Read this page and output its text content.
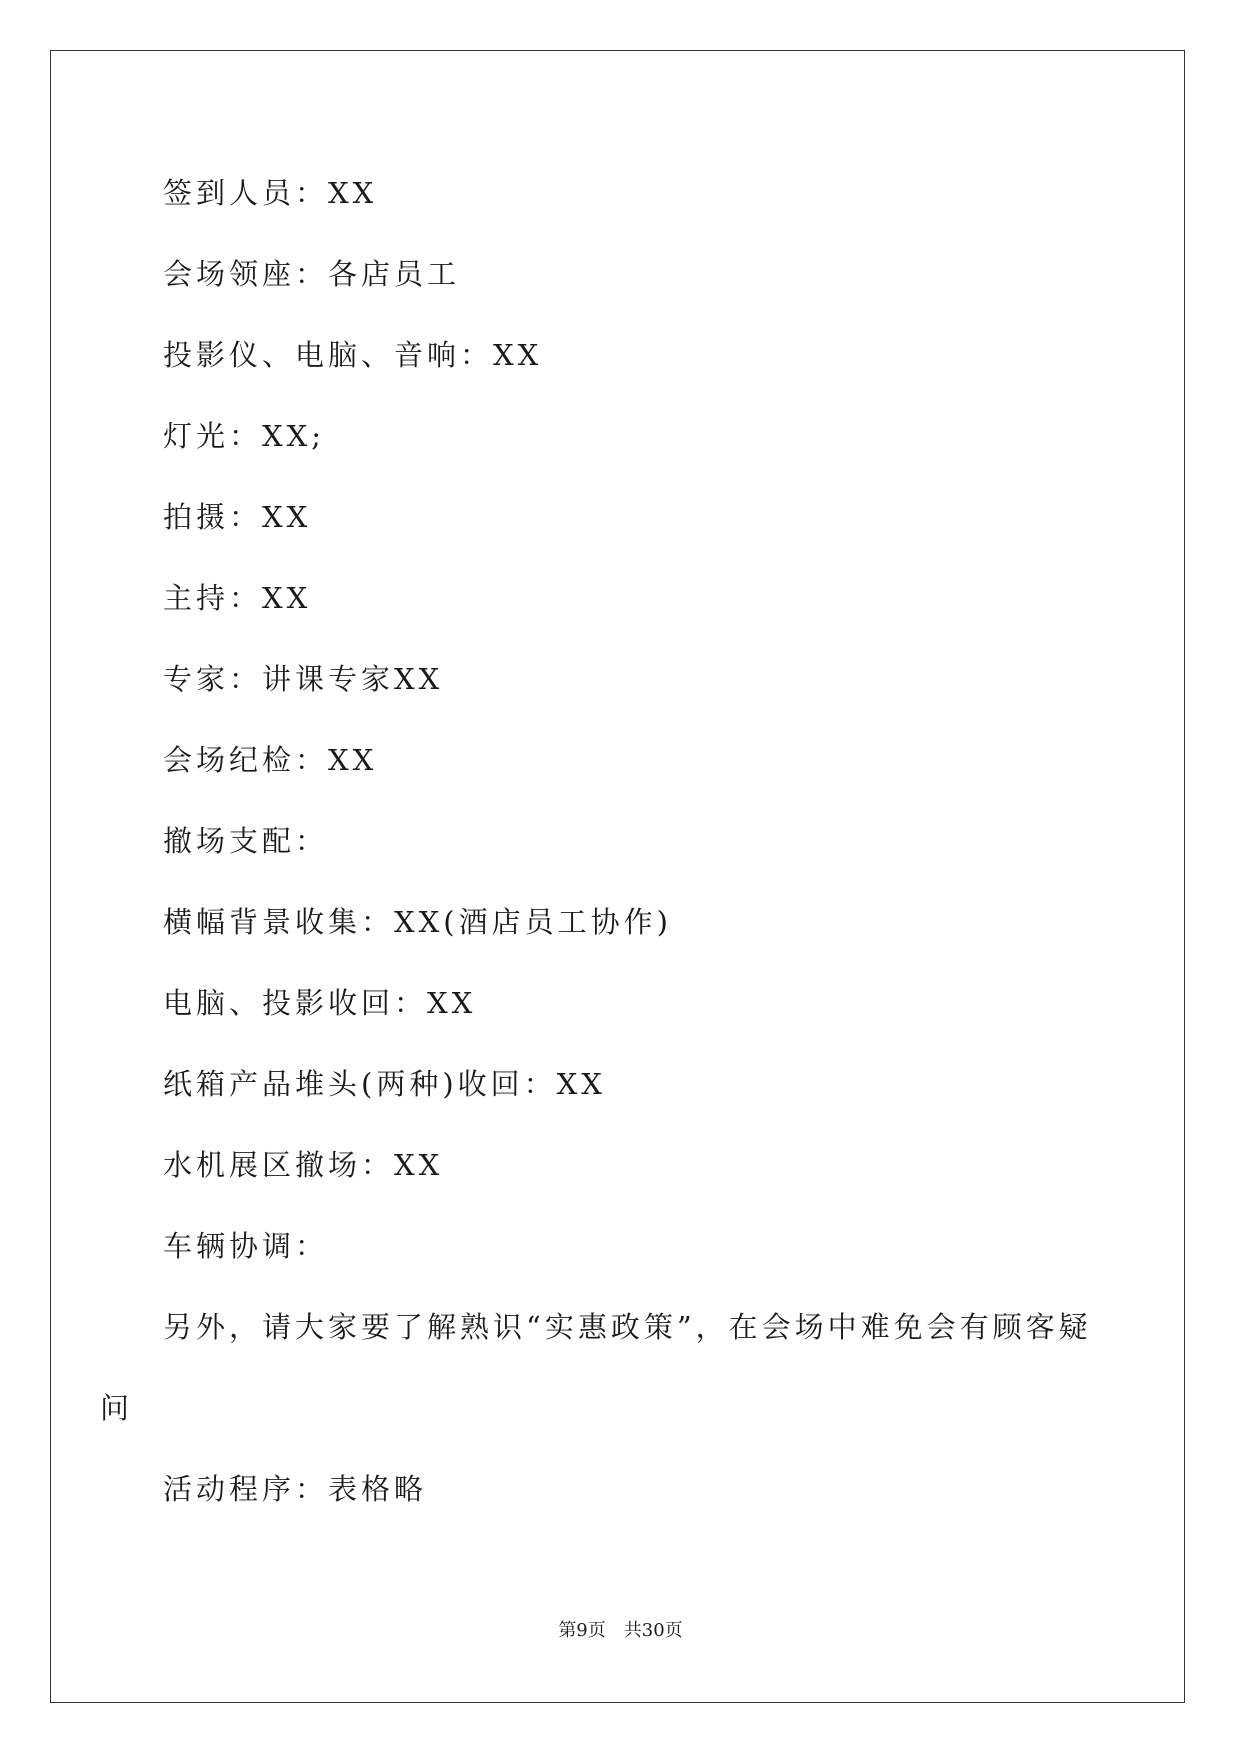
签到人员：XX
会场领座：各店员工
投影仪、电脑、音响：XX
灯光：XX;
拍摄：XX
主持：XX
专家：讲课专家XX
会场纪检：XX
撤场支配：
横幅背景收集：XX(酒店员工协作)
电脑、投影收回：XX
纸箱产品堆头(两种)收回：XX
水机展区撤场：XX
车辆协调：
另外，请大家要了解熟识“实惠政策”，在会场中难免会有顾客疑
问
活动程序：表格略
第9页 共30页
